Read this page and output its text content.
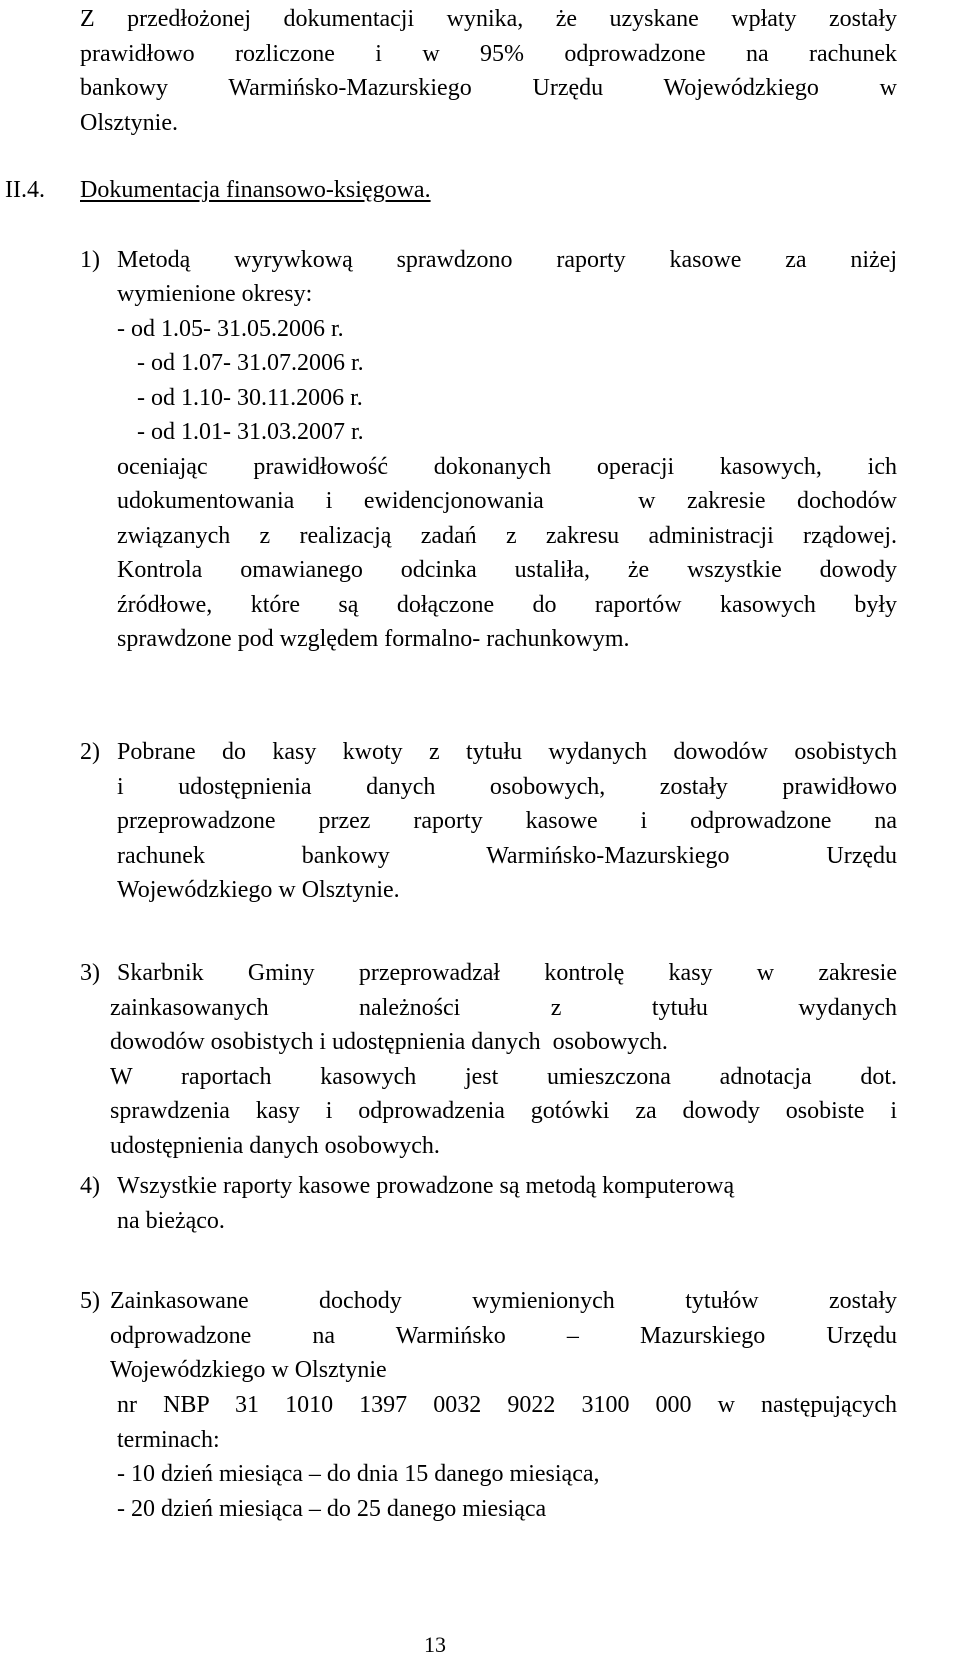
Z przedłożonej dokumentacji wynika, że uzyskane wpłaty zostały
prawidłowo rozliczone i w 95% odprowadzone na rachunek
bankowy Warmińsko-Mazurskiego Urzędu Wojewódzkiego w
Olsztynie.
II.4. Dokumentacja finansowo-księgowa.
1) Metodą wyrywkową sprawdzono raporty kasowe za niżej
wymienione okresy:
- od 1.05- 31.05.2006 r.
- od 1.07- 31.07.2006 r.
- od 1.10- 30.11.2006 r.
- od 1.01- 31.03.2007 r.
oceniając prawidłowość dokonanych operacji kasowych, ich
udokumentowania i ewidencjonowania   w zakresie dochodów
związanych z realizacją zadań z zakresu administracji rządowej.
Kontrola omawianego odcinka ustaliła, że wszystkie dowody
źródłowe, które są dołączone do raportów kasowych były
sprawdzone pod względem formalno- rachunkowym.
2) Pobrane do kasy kwoty z tytułu wydanych dowodów osobistych
i udostępnienia danych osobowych, zostały prawidłowo
przeprowadzone przez raporty kasowe i odprowadzone na
rachunek bankowy Warmińsko-Mazurskiego Urzędu
Wojewódzkiego w Olsztynie.
3) Skarbnik Gminy przeprowadzał kontrolę kasy w zakresie
zainkasowanych należności z tytułu wydanych
dowodów osobistych i udostępnienia danych  osobowych.
W raportach kasowych jest umieszczona adnotacja dot.
sprawdzenia kasy i odprowadzenia gotówki za dowody osobiste i
udostępnienia danych osobowych.
4) Wszystkie raporty kasowe prowadzone są metodą komputerową
na bieżąco.
5) Zainkasowane dochody wymienionych tytułów zostały
odprowadzone na Warmińsko – Mazurskiego Urzędu
Wojewódzkiego w Olsztynie
nr NBP 31 1010 1397 0032 9022 3100 000 w następujących
terminach:
- 10 dzień miesiąca – do dnia 15 danego miesiąca,
- 20 dzień miesiąca – do 25 danego miesiąca
13
